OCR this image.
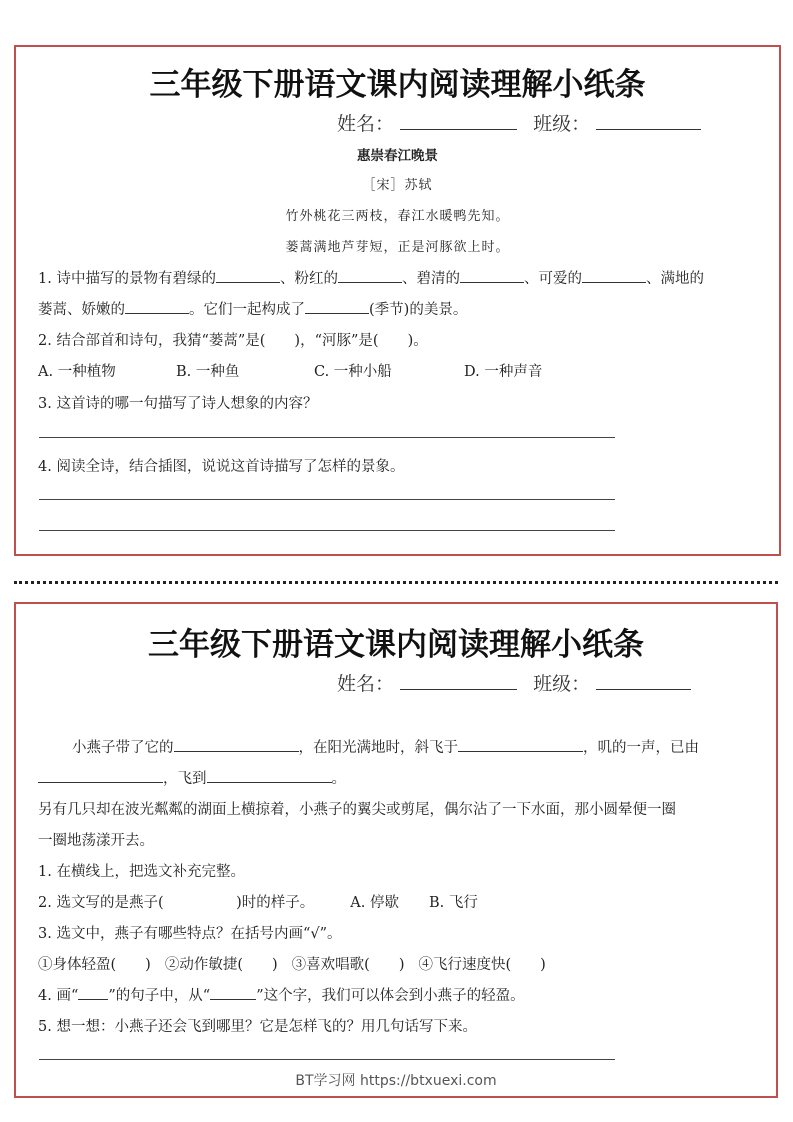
三年级下册语文课内阅读理解小纸条
姓名：	班级：
惠崇春江晚景
［宋］苏轼
竹外桃花三两枝，春江水暖鸭先知。
蒌蒿满地芦芽短，正是河豚欲上时。
1. 诗中描写的景物有碧绿的	、粉红的	、碧清的	、可爱的	、满地的
蒌蒿、娇嫩的	。它们一起构成了	(季节)的美景。
2. 结合部首和诗句，我猜“蒌蒿”是(　　)，“河豚”是(　　)。
A. 一种植物	B. 一种鱼	C. 一种小船	D. 一种声音
3. 这首诗的哪一句描写了诗人想象的内容？
4. 阅读全诗，结合插图，说说这首诗描写了怎样的景象。
三年级下册语文课内阅读理解小纸条
姓名：	班级：
小燕子带了它的	，在阳光满地时，斜飞于	，叽的一声，已由
，飞到	。
另有几只却在波光粼粼的湖面上横掠着，小燕子的翼尖或剪尾，偶尔沾了一下水面，那小圆晕便一圈
一圈地荡漾开去。
1. 在横线上，把选文补充完整。
2. 选文写的是燕子(　　　　　)时的样子。 A. 停歇 B. 飞行
3. 选文中，燕子有哪些特点？在括号内画“√”。
①身体轻盈(　　) ②动作敏捷(　　) ③喜欢唱歌(　　) ④飞行速度快(　　)
4. 画“ ”的句子中，从“	”这个字，我们可以体会到小燕子的轻盈。
5. 想一想：小燕子还会飞到哪里？它是怎样飞的？用几句话写下来。
BT学习网 https://btxuexi.com
